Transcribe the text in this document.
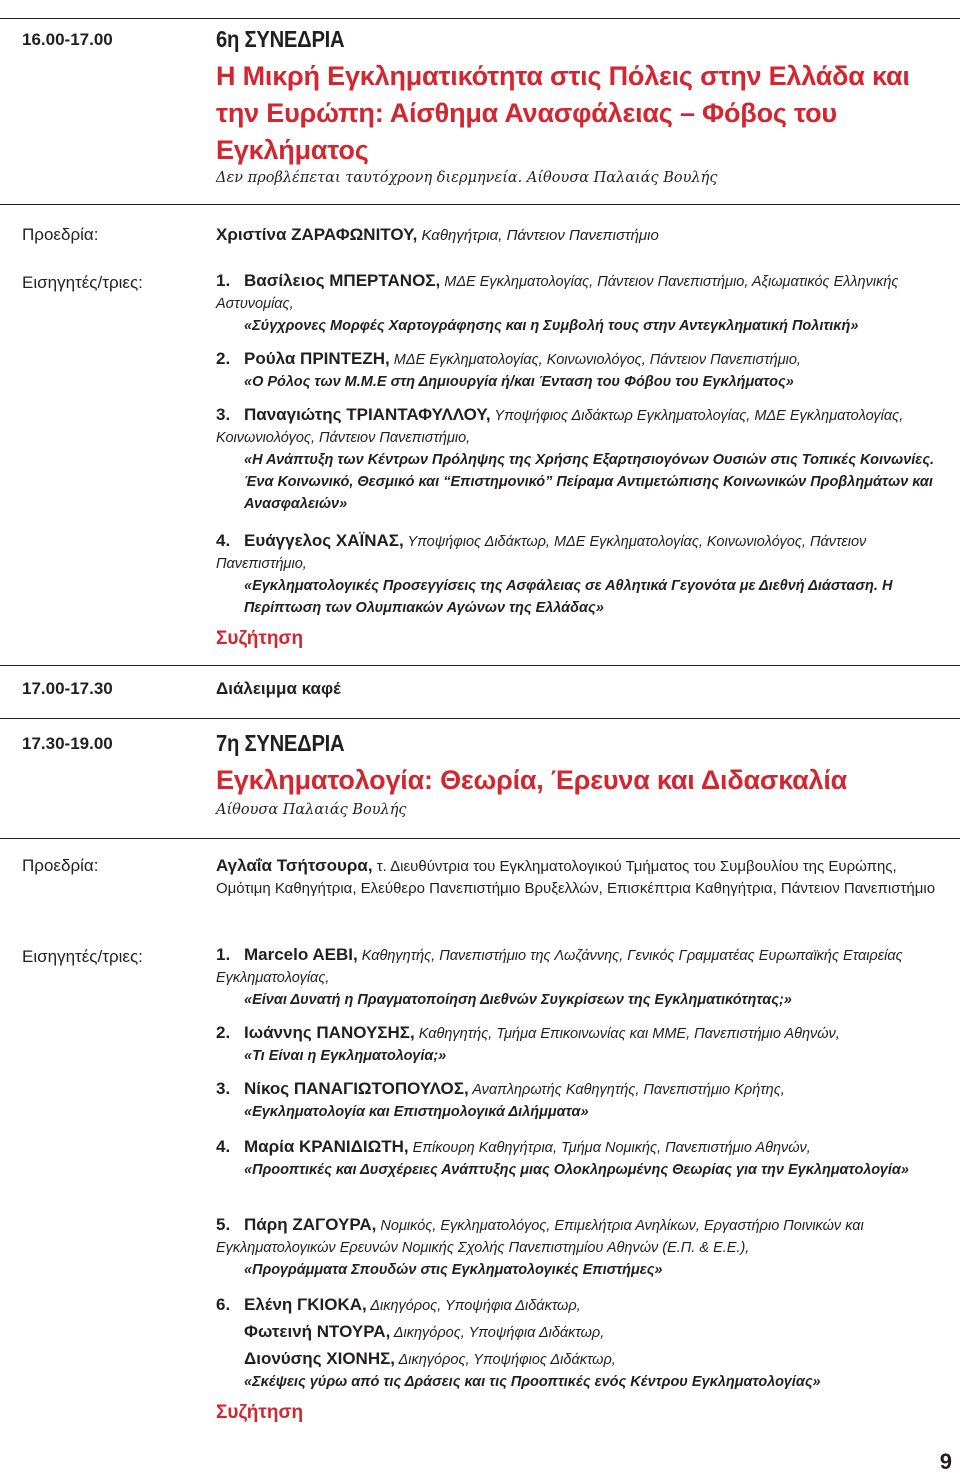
16.00-17.00	6η ΣΥΝΕΔΡΙΑ
Η Μικρή Εγκληματικότητα στις Πόλεις στην Ελλάδα και την Ευρώπη: Αίσθημα Ανασφάλειας – Φόβος του Εγκλήματος
Δεν προβλέπεται ταυτόχρονη διερμηνεία. Αίθουσα Παλαιάς Βουλής
Προεδρία:	Χριστίνα ΖΑΡΑΦΩΝΙΤΟΥ, Καθηγήτρια, Πάντειον Πανεπιστήμιο
Εισηγητές/τριες:	1. Βασίλειος ΜΠΕΡΤΑΝΟΣ, ΜΔΕ Εγκληματολογίας, Πάντειον Πανεπιστήμιο, Αξιωματικός Ελληνικής Αστυνομίας,
«Σύγχρονες Μορφές Χαρτογράφησης και η Συμβολή τους στην Αντεγκληματική Πολιτική»
2. Ρούλα ΠΡΙΝΤΕΖΗ, ΜΔΕ Εγκληματολογίας, Κοινωνιολόγος, Πάντειον Πανεπιστήμιο,
«Ο Ρόλος των Μ.Μ.Ε στη Δημιουργία ή/και Ένταση του Φόβου του Εγκλήματος»
3. Παναγιώτης ΤΡΙΑΝΤΑΦΥΛΛΟΥ, Υποψήφιος Διδάκτωρ Εγκληματολογίας, ΜΔΕ Εγκληματολογίας, Κοινωνιολόγος, Πάντειον Πανεπιστήμιο,
«Η Ανάπτυξη των Κέντρων Πρόληψης της Χρήσης Εξαρτησιογόνων Ουσιών στις Τοπικές Κοινωνίες. Ένα Κοινωνικό, Θεσμικό και “Επιστημονικό” Πείραμα Αντιμετώπισης Κοινωνικών Προβλημάτων και Ανασφαλειών»
4. Ευάγγελος ΧΑΪΝΑΣ, Υποψήφιος Διδάκτωρ, ΜΔΕ Εγκληματολογίας, Κοινωνιολόγος, Πάντειον Πανεπιστήμιο,
«Εγκληματολογικές Προσεγγίσεις της Ασφάλειας σε Αθλητικά Γεγονότα με Διεθνή Διάσταση. Η Περίπτωση των Ολυμπιακών Αγώνων της Ελλάδας»
Συζήτηση
17.00-17.30	Διάλειμμα καφέ
17.30-19.00	7η ΣΥΝΕΔΡΙΑ
Εγκληματολογία: Θεωρία, Έρευνα και Διδασκαλία
Αίθουσα Παλαιάς Βουλής
Προεδρία:	Αγλαΐα Τσήτσουρα, τ. Διευθύντρια του Εγκληματολογικού Τμήματος του Συμβουλίου της Ευρώπης, Ομότιμη Καθηγήτρια, Ελεύθερο Πανεπιστήμιο Βρυξελλών, Επισκέπτρια Καθηγήτρια, Πάντειον Πανεπιστήμιο
Εισηγητές/τριες:	1. Marcelo AEBI, Καθηγητής, Πανεπιστήμιο της Λωζάννης, Γενικός Γραμματέας Ευρωπαϊκής Εταιρείας Εγκληματολογίας,
«Είναι Δυνατή η Πραγματοποίηση Διεθνών Συγκρίσεων της Εγκληματικότητας;»
2. Ιωάννης ΠΑΝΟΥΣΗΣ, Καθηγητής, Τμήμα Επικοινωνίας και ΜΜΕ, Πανεπιστήμιο Αθηνών,
«Τι Είναι η Εγκληματολογία;»
3. Νίκος ΠΑΝΑΓΙΩΤΟΠΟΥΛΟΣ, Αναπληρωτής Καθηγητής, Πανεπιστήμιο Κρήτης,
«Εγκληματολογία και Επιστημολογικά Διλήμματα»
4. Μαρία ΚΡΑΝΙΔΙΩΤΗ, Επίκουρη Καθηγήτρια, Τμήμα Νομικής, Πανεπιστήμιο Αθηνών,
«Προοπτικές και Δυσχέρειες Ανάπτυξης μιας Ολοκληρωμένης Θεωρίας για την Εγκληματολογία»
5. Πάρη ΖΑΓΟΥΡΑ, Νομικός, Εγκληματολόγος, Επιμελήτρια Ανηλίκων, Εργαστήριο Ποινικών και Εγκληματολογικών Ερευνών Νομικής Σχολής Πανεπιστημίου Αθηνών (Ε.Π. & Ε.Ε.),
«Προγράμματα Σπουδών στις Εγκληματολογικές Επιστήμες»
6. Ελένη ΓΚΙΟΚΑ, Δικηγόρος, Υποψήφια Διδάκτωρ,
Φωτεινή ΝΤΟΥΡΑ, Δικηγόρος, Υποψήφια Διδάκτωρ,
Διονύσης ΧΙΟΝΗΣ, Δικηγόρος, Υποψήφιος Διδάκτωρ,
«Σκέψεις γύρω από τις Δράσεις και τις Προοπτικές ενός Κέντρου Εγκληματολογίας»
Συζήτηση
9
